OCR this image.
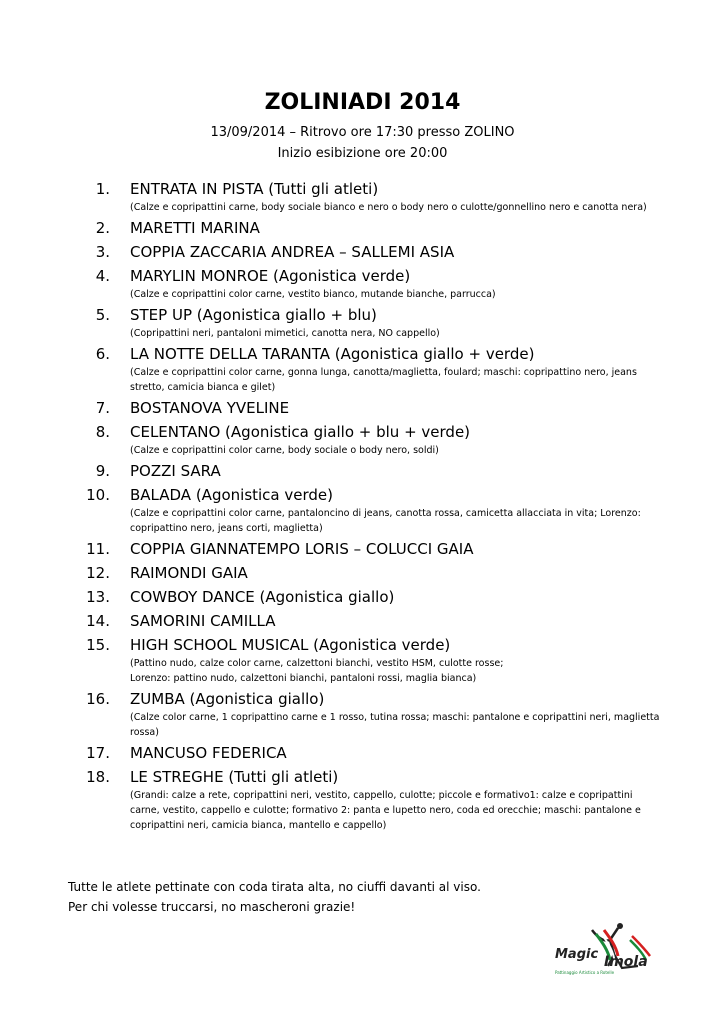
ZOLINIADI 2014
13/09/2014 – Ritrovo ore 17:30 presso ZOLINO
Inizio esibizione ore 20:00
1. ENTRATA IN PISTA (Tutti gli atleti)
(Calze e copripattini carne, body sociale bianco e nero o body nero o culotte/gonnellino nero e canotta nera)
2. MARETTI MARINA
3. COPPIA ZACCARIA ANDREA – SALLEMI ASIA
4. MARYLIN MONROE (Agonistica verde)
(Calze e copripattini color carne, vestito bianco, mutande bianche, parrucca)
5. STEP UP (Agonistica giallo + blu)
(Copripattini neri, pantaloni mimetici, canotta nera, NO cappello)
6. LA NOTTE DELLA TARANTA (Agonistica giallo + verde)
(Calze e copripattini color carne, gonna lunga, canotta/maglietta, foulard; maschi: copripattino nero, jeans stretto, camicia bianca e gilet)
7. BOSTANOVA YVELINE
8. CELENTANO (Agonistica giallo + blu + verde)
(Calze e copripattini color carne, body sociale o body nero, soldi)
9. POZZI SARA
10. BALADA (Agonistica verde)
(Calze e copripattini color carne, pantaloncino di jeans, canotta rossa, camicetta allacciata in vita; Lorenzo: copripattino nero, jeans corti, maglietta)
11. COPPIA GIANNATEMPO LORIS – COLUCCI GAIA
12. RAIMONDI GAIA
13. COWBOY DANCE (Agonistica giallo)
14. SAMORINI CAMILLA
15. HIGH SCHOOL MUSICAL (Agonistica verde)
(Pattino nudo, calze color carne, calzettoni bianchi, vestito HSM, culotte rosse;
Lorenzo: pattino nudo, calzettoni bianchi, pantaloni rossi, maglia bianca)
16. ZUMBA (Agonistica giallo)
(Calze color carne, 1 copripattino carne e 1 rosso, tutina rossa; maschi: pantalone e copripattini neri, maglietta rossa)
17. MANCUSO FEDERICA
18. LE STREGHE (Tutti gli atleti)
(Grandi: calze a rete, copripattini neri, vestito, cappello, culotte; piccole e formativo1: calze e copripattini carne, vestito, cappello e culotte; formativo 2: panta e lupetto nero, coda ed orecchie; maschi: pantalone e copripattini neri, camicia bianca, mantello e cappello)
Tutte le atlete pettinate con coda tirata alta, no ciuffi davanti al viso.
Per chi volesse truccarsi, no mascheroni grazie!
Magic Imola
Pattinaggio Artistico a Rotelle
